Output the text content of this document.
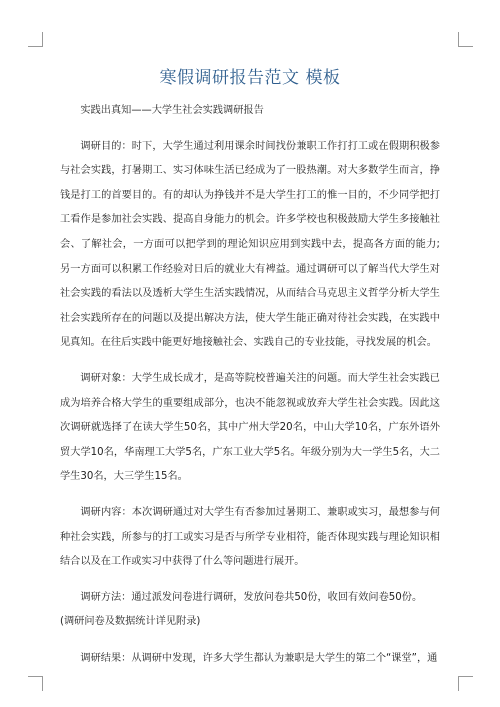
寒假调研报告范文 模板

实践出真知——大学生社会实践调研报告

调研目的：时下，大学生通过利用课余时间找份兼职工作打打工或在假期积极参与社会实践，打暑期工、实习体味生活已经成为了一股热潮。对大多数学生而言，挣钱是打工的首要目的。有的却认为挣钱并不是大学生打工的惟一目的，不少同学把打工看作是参加社会实践、提高自身能力的机会。许多学校也积极鼓励大学生多接触社会、了解社会，一方面可以把学到的理论知识应用到实践中去，提高各方面的能力;另一方面可以积累工作经验对日后的就业大有裨益。通过调研可以了解当代大学生对社会实践的看法以及透析大学生生活实践情况，从而结合马克思主义哲学分析大学生社会实践所存在的问题以及提出解决方法，使大学生能正确对待社会实践，在实践中见真知。在往后实践中能更好地接触社会、实践自己的专业技能，寻找发展的机会。

调研对象：大学生成长成才，是高等院校普遍关注的问题。而大学生社会实践已成为培养合格大学生的重要组成部分，也决不能忽视或放弃大学生社会实践。因此这次调研就选择了在读大学生50名，其中广州大学20名，中山大学10名，广东外语外贸大学10名，华南理工大学5名，广东工业大学5名。年级分别为大一学生5名，大二学生30名，大三学生15名。

调研内容：本次调研通过对大学生有否参加过暑期工、兼职或实习，最想参与何种社会实践，所参与的打工或实习是否与所学专业相符，能否体现实践与理论知识相结合以及在工作或实习中获得了什么等问题进行展开。

调研方法：通过派发问卷进行调研，发放问卷共50份，收回有效问卷50份。

(调研问卷及数据统计详见附录)

调研结果：从调研中发现，许多大学生都认为兼职是大学生的第二个“课堂”，通
